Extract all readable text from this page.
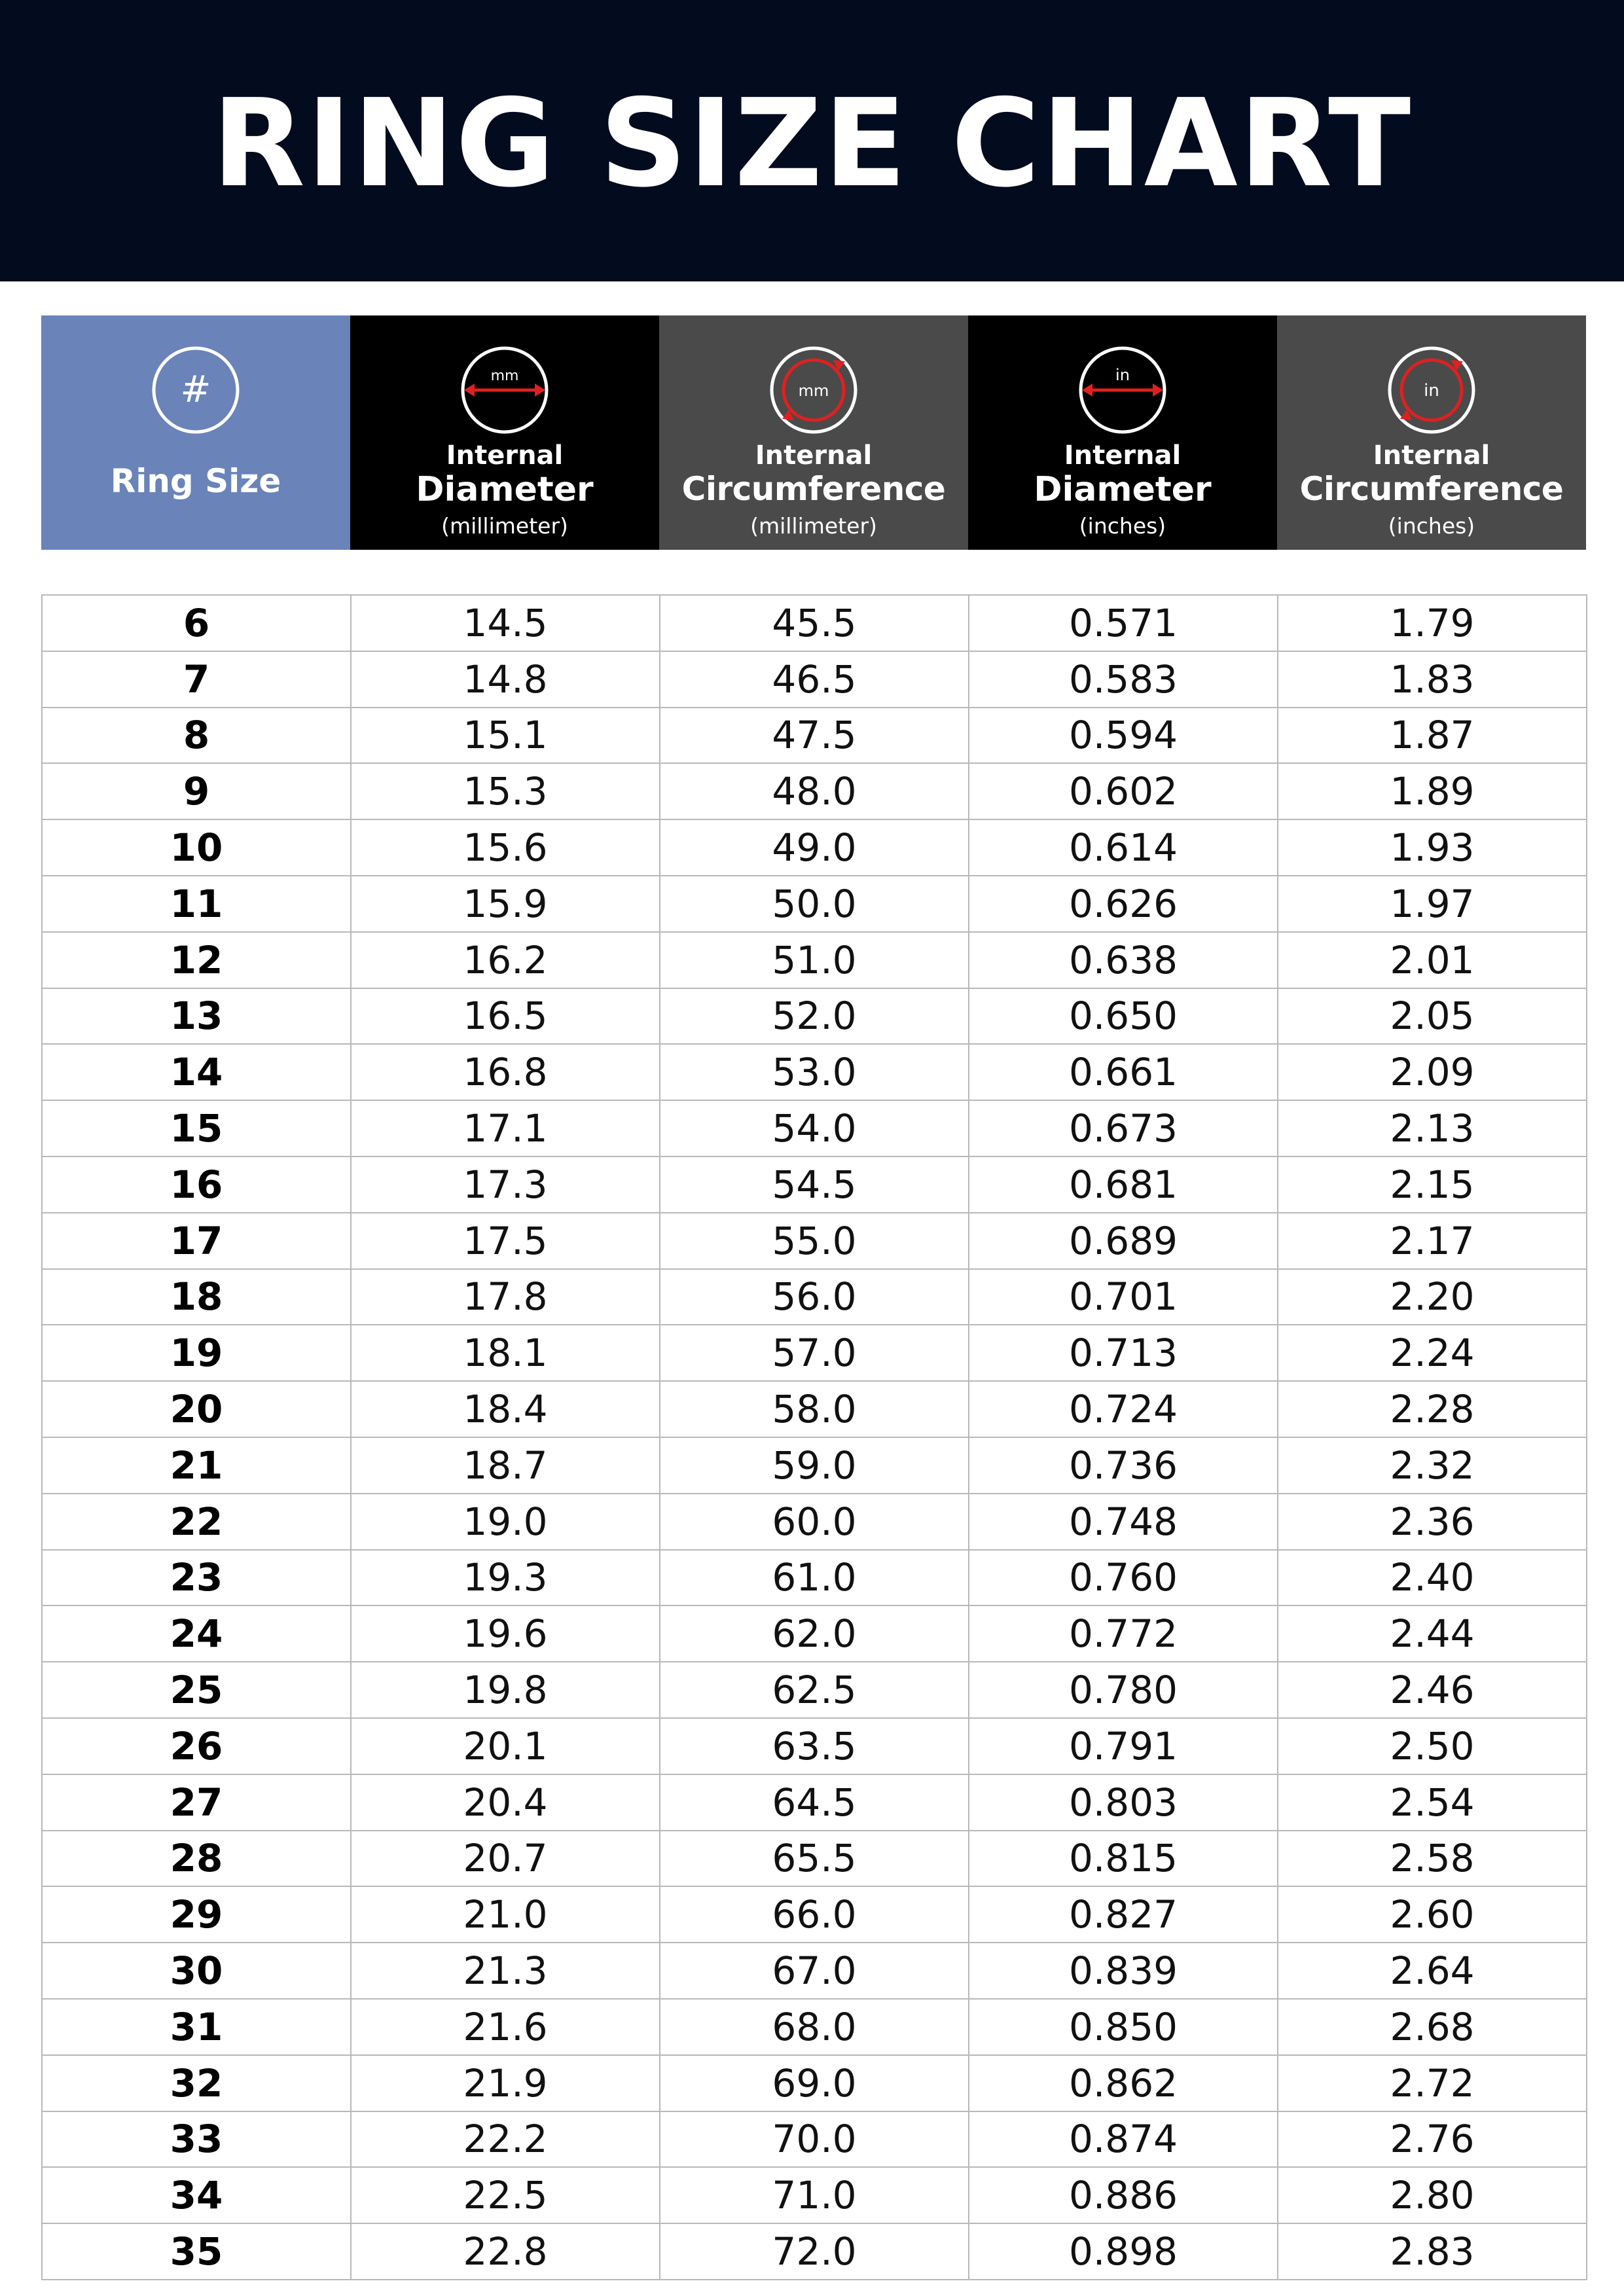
RING SIZE CHART
#
Ring Size
mm
Internal
Diameter
(millimeter)
mm
Internal
Circumference
(millimeter)
in
Internal
Diameter
(inches)
in
Internal
Circumference
(inches)
6	14.5	45.5	0.571	1.79
7	14.8	46.5	0.583	1.83
8	15.1	47.5	0.594	1.87
9	15.3	48.0	0.602	1.89
10	15.6	49.0	0.614	1.93
11	15.9	50.0	0.626	1.97
12	16.2	51.0	0.638	2.01
13	16.5	52.0	0.650	2.05
14	16.8	53.0	0.661	2.09
15	17.1	54.0	0.673	2.13
16	17.3	54.5	0.681	2.15
17	17.5	55.0	0.689	2.17
18	17.8	56.0	0.701	2.20
19	18.1	57.0	0.713	2.24
20	18.4	58.0	0.724	2.28
21	18.7	59.0	0.736	2.32
22	19.0	60.0	0.748	2.36
23	19.3	61.0	0.760	2.40
24	19.6	62.0	0.772	2.44
25	19.8	62.5	0.780	2.46
26	20.1	63.5	0.791	2.50
27	20.4	64.5	0.803	2.54
28	20.7	65.5	0.815	2.58
29	21.0	66.0	0.827	2.60
30	21.3	67.0	0.839	2.64
31	21.6	68.0	0.850	2.68
32	21.9	69.0	0.862	2.72
33	22.2	70.0	0.874	2.76
34	22.5	71.0	0.886	2.80
35	22.8	72.0	0.898	2.83
